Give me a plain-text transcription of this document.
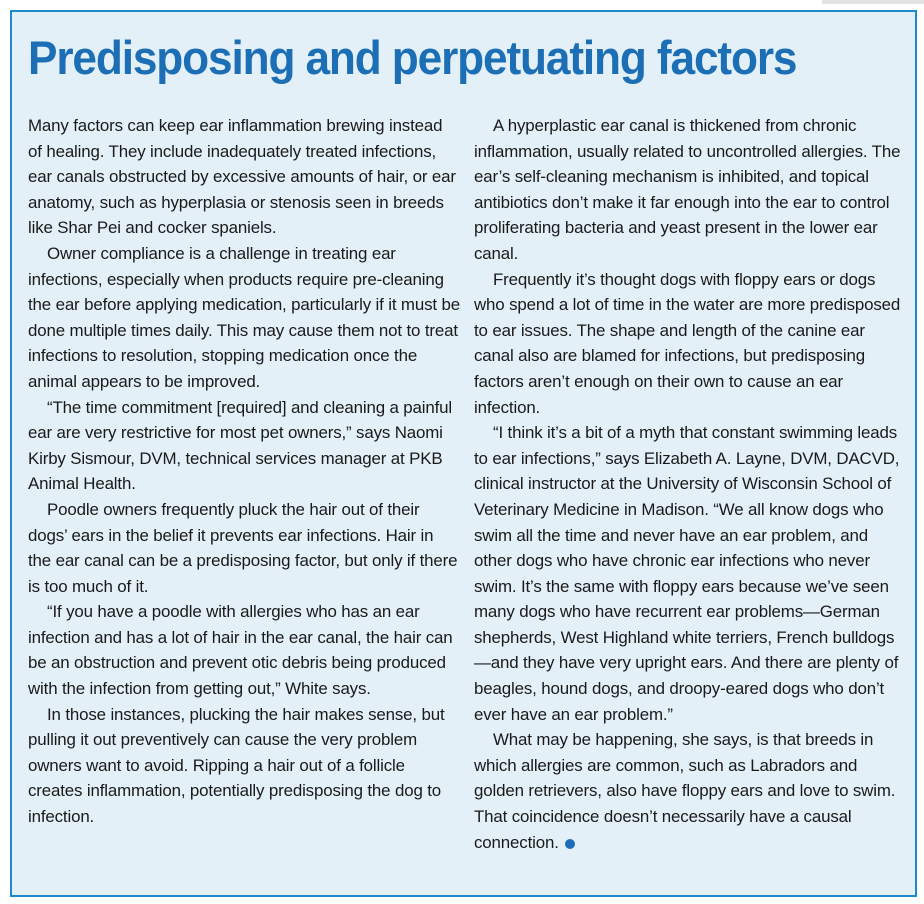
Predisposing and perpetuating factors

Many factors can keep ear inflammation brewing instead of healing. They include inadequately treated infections, ear canals obstructed by excessive amounts of hair, or ear anatomy, such as hyperplasia or stenosis seen in breeds like Shar Pei and cocker spaniels.

Owner compliance is a challenge in treating ear infections, especially when products require pre-cleaning the ear before applying medication, particularly if it must be done multiple times daily. This may cause them not to treat infections to resolution, stopping medication once the animal appears to be improved.

“The time commitment [required] and cleaning a painful ear are very restrictive for most pet owners,” says Naomi Kirby Sismour, DVM, technical services manager at PKB Animal Health.

Poodle owners frequently pluck the hair out of their dogs’ ears in the belief it prevents ear infections. Hair in the ear canal can be a predisposing factor, but only if there is too much of it.

“If you have a poodle with allergies who has an ear infection and has a lot of hair in the ear canal, the hair can be an obstruction and prevent otic debris being produced with the infection from getting out,” White says.

In those instances, plucking the hair makes sense, but pulling it out preventively can cause the very problem owners want to avoid. Ripping a hair out of a follicle creates inflammation, potentially predisposing the dog to infection.

A hyperplastic ear canal is thickened from chronic inflammation, usually related to uncontrolled allergies. The ear’s self-cleaning mechanism is inhibited, and topical antibiotics don’t make it far enough into the ear to control proliferating bacteria and yeast present in the lower ear canal.

Frequently it’s thought dogs with floppy ears or dogs who spend a lot of time in the water are more predisposed to ear issues. The shape and length of the canine ear canal also are blamed for infections, but predisposing factors aren’t enough on their own to cause an ear infection.

“I think it’s a bit of a myth that constant swimming leads to ear infections,” says Elizabeth A. Layne, DVM, DACVD, clinical instructor at the University of Wisconsin School of Veterinary Medicine in Madison. “We all know dogs who swim all the time and never have an ear problem, and other dogs who have chronic ear infections who never swim. It’s the same with floppy ears because we’ve seen many dogs who have recurrent ear problems—German shepherds, West Highland white terriers, French bulldogs—and they have very upright ears. And there are plenty of beagles, hound dogs, and droopy-eared dogs who don’t ever have an ear problem.”

What may be happening, she says, is that breeds in which allergies are common, such as Labradors and golden retrievers, also have floppy ears and love to swim. That coincidence doesn’t necessarily have a causal connection.
